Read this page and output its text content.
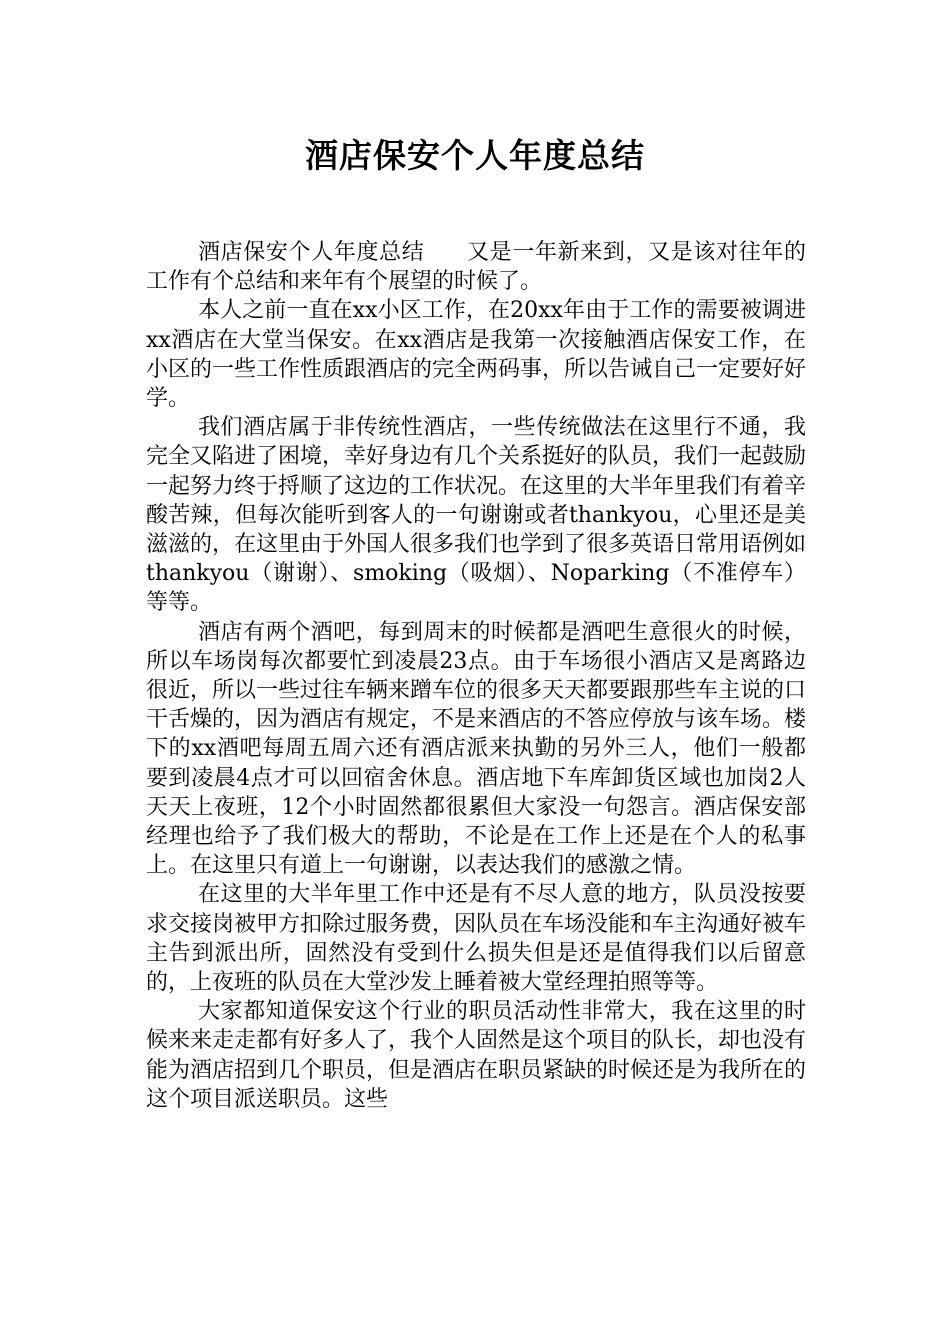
酒店保安个人年度总结

酒店保安个人年度总结 又是一年新来到，又是该对往年的工作有个总结和来年有个展望的时候了。

本人之前一直在xx小区工作，在20xx年由于工作的需要被调进xx酒店在大堂当保安。在xx酒店是我第一次接触酒店保安工作，在小区的一些工作性质跟酒店的完全两码事，所以告诫自己一定要好好学。

我们酒店属于非传统性酒店，一些传统做法在这里行不通，我完全又陷进了困境，幸好身边有几个关系挺好的队员，我们一起鼓励一起努力终于捋顺了这边的工作状况。在这里的大半年里我们有着辛酸苦辣，但每次能听到客人的一句谢谢或者thankyou，心里还是美滋滋的，在这里由于外国人很多我们也学到了很多英语日常用语例如thankyou（谢谢）、smoking（吸烟）、Noparking（不准停车）等等。

酒店有两个酒吧，每到周末的时候都是酒吧生意很火的时候，所以车场岗每次都要忙到凌晨23点。由于车场很小酒店又是离路边很近，所以一些过往车辆来蹭车位的很多天天都要跟那些车主说的口干舌燥的，因为酒店有规定，不是来酒店的不答应停放与该车场。楼下的xx酒吧每周五周六还有酒店派来执勤的另外三人，他们一般都要到凌晨4点才可以回宿舍休息。酒店地下车库卸货区域也加岗2人天天上夜班，12个小时固然都很累但大家没一句怨言。酒店保安部经理也给予了我们极大的帮助，不论是在工作上还是在个人的私事上。在这里只有道上一句谢谢，以表达我们的感激之情。

在这里的大半年里工作中还是有不尽人意的地方，队员没按要求交接岗被甲方扣除过服务费，因队员在车场没能和车主沟通好被车主告到派出所，固然没有受到什么损失但是还是值得我们以后留意的，上夜班的队员在大堂沙发上睡着被大堂经理拍照等等。

大家都知道保安这个行业的职员活动性非常大，我在这里的时候来来走走都有好多人了，我个人固然是这个项目的队长，却也没有能为酒店招到几个职员，但是酒店在职员紧缺的时候还是为我所在的这个项目派送职员。这些
